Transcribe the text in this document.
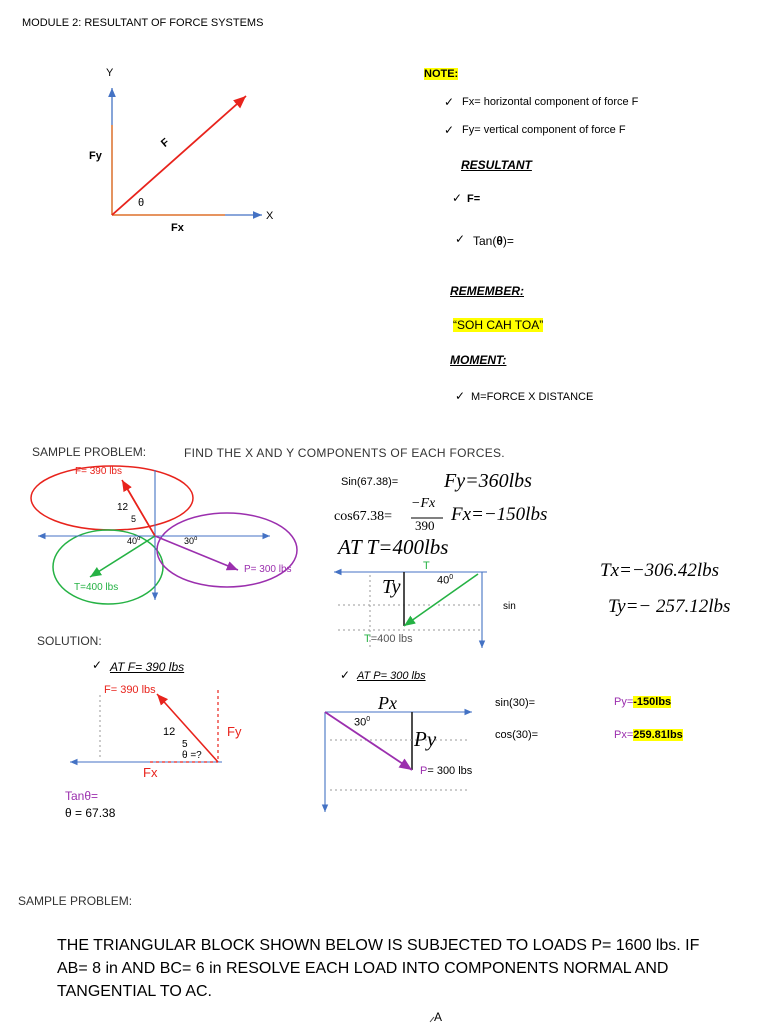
MODULE 2: RESULTANT OF FORCE SYSTEMS
Y
X
Fy
Fx
F
θ
NOTE:
✓ Fx= horizontal component of force F
✓ Fy= vertical component of force F
RESULTANT
✓ F=
✓ Tan(θ)=
REMEMBER:
“SOH CAH TOA”
MOMENT:
✓ M=FORCE X DISTANCE
SAMPLE PROBLEM:	FIND THE X AND Y COMPONENTS OF EACH FORCES.
F= 390 lbs
12
5
40$^o$	30$^o$
P= 300 lbs
T=400 lbs
Sin(67.38)= Fy=360lbs
cos67.38=
−Fx
390
Fx=−150lbs
AT T=400lbs
T
Ty	$40^0$
T=400 lbs
sin
Tx=−306.42lbs
Ty=− 257.12lbs
SOLUTION:
✓ AT F= 390 lbs
F= 390 lbs
12
5
θ =?
Fy
Fx
Tanθ=
θ = 67.38
✓ AT P= 300 lbs
Px
$30^0$
Py
P= 300 lbs
sin(30)=
cos(30)=
Py=-150lbs
Px=259.81lbs
SAMPLE PROBLEM:
THE TRIANGULAR BLOCK SHOWN BELOW IS SUBJECTED TO LOADS P= 1600 lbs. IF
AB= 8 in AND BC= 6 in RESOLVE EACH LOAD INTO COMPONENTS NORMAL AND
TANGENTIAL TO AC.
A
